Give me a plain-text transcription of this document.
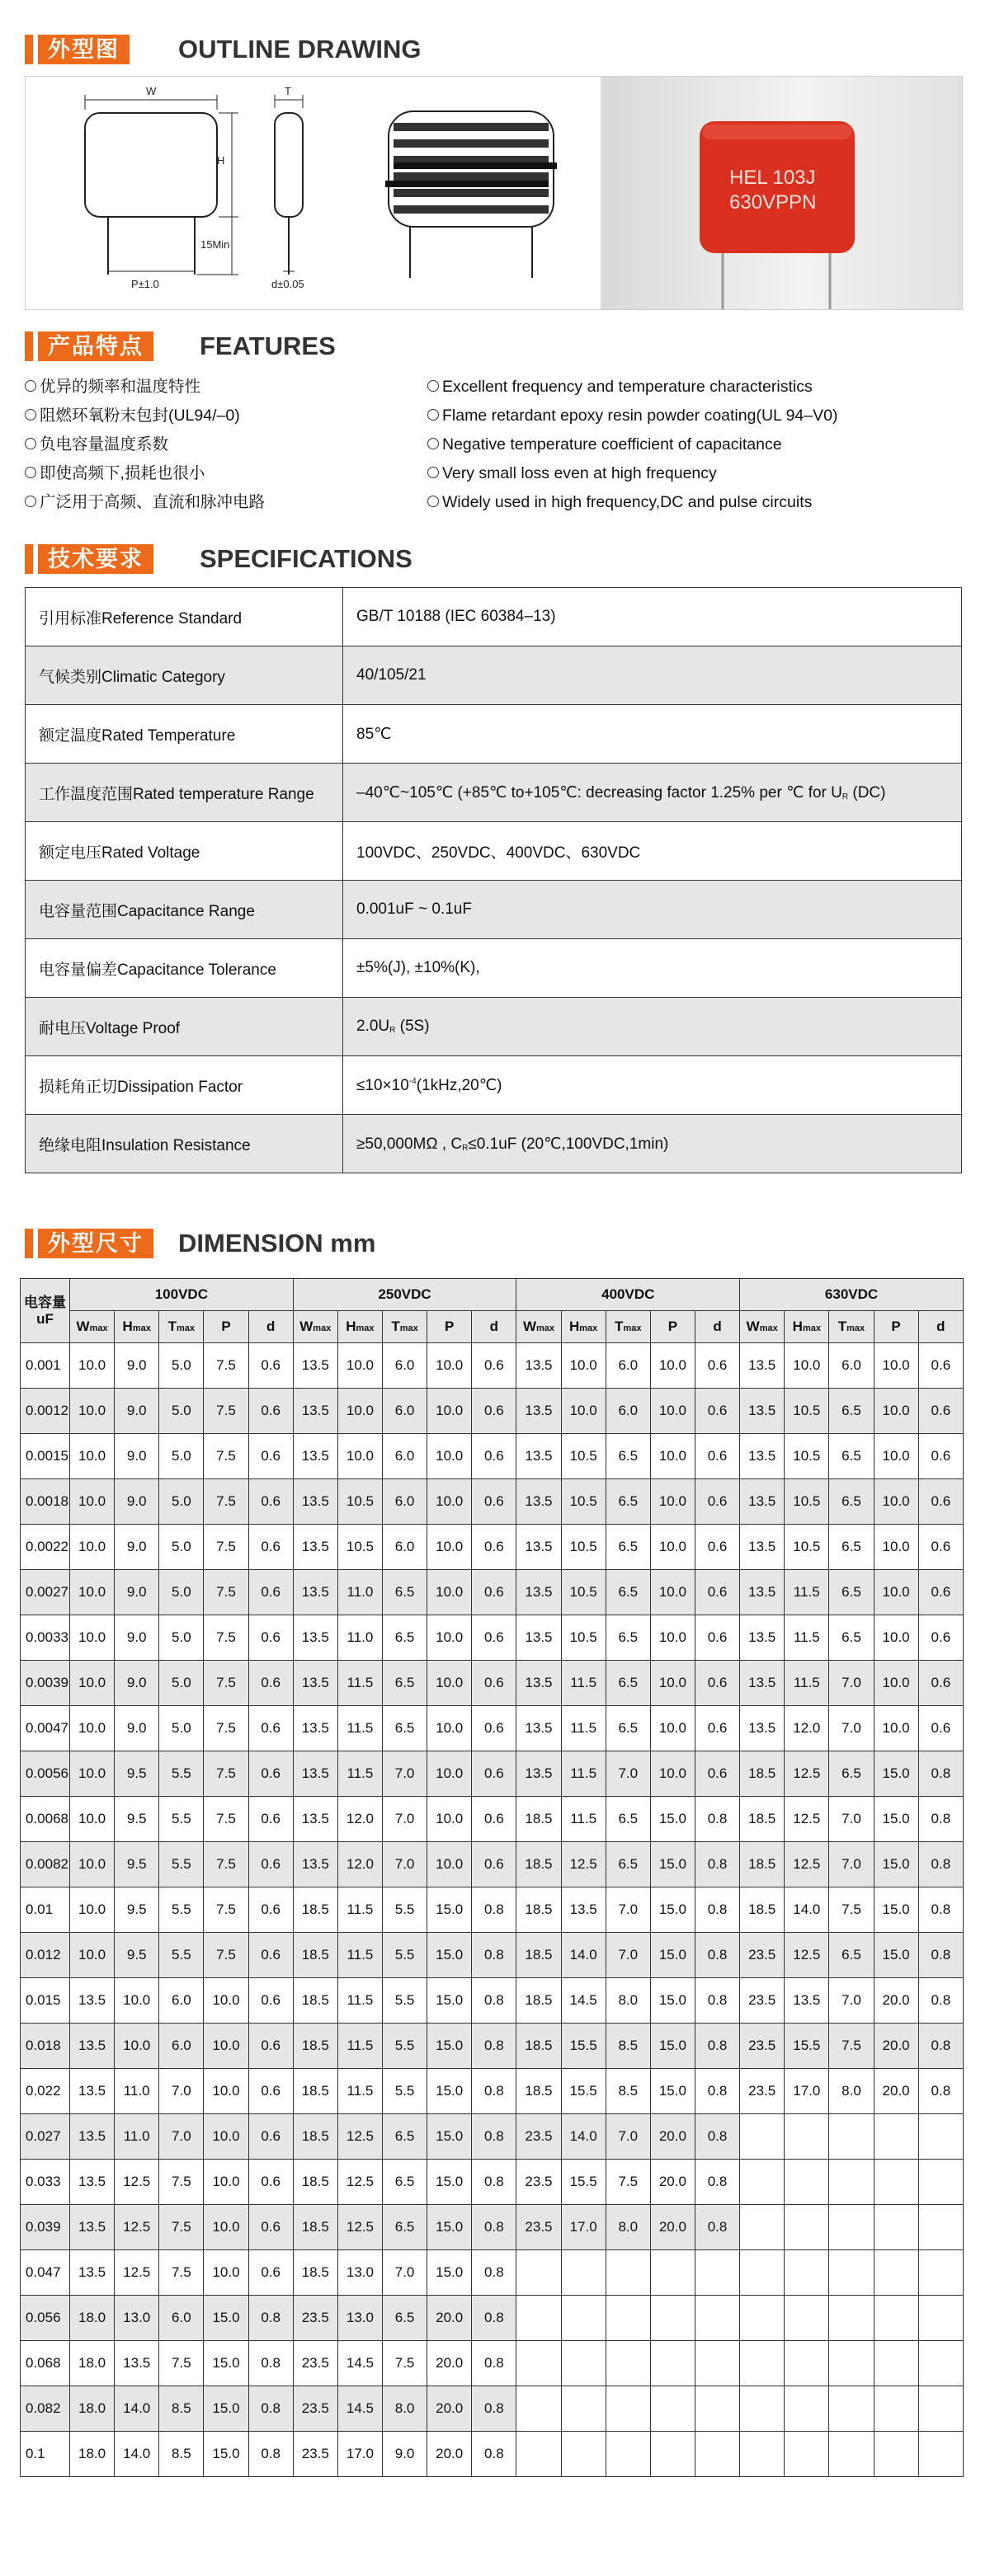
外型图	OUTLINE DRAWING
W
H
15Min
P±1.0
T
d±0.05
HEL 103J
630VPPN
产品特点	FEATURES
优异的频率和温度特性
阻燃环氧粉末包封(UL94/–0)
负电容量温度系数
即使高频下,损耗也很小
广泛用于高频、直流和脉冲电路
Excellent frequency and temperature characteristics
Flame retardant epoxy resin powder coating(UL 94–V0)
Negative temperature coefficient of capacitance
Very small loss even at high frequency
Widely used in high frequency,DC and pulse circuits
技术要求	SPECIFICATIONS
引用标准Reference Standard	GB/T 10188 (IEC 60384–13)
气候类别Climatic Category	40/105/21
额定温度Rated Temperature	85℃
工作温度范围Rated temperature Range	–40℃~105℃ (+85℃ to+105℃: decreasing factor 1.25% per ℃ for UR (DC)
额定电压Rated Voltage	100VDC、250VDC、400VDC、630VDC
电容量范围Capacitance Range	0.001uF ~ 0.1uF
电容量偏差Capacitance Tolerance	±5%(J), ±10%(K),
耐电压Voltage Proof	2.0UR (5S)
损耗角正切Dissipation Factor	$\le 10\times 10^{-4}(1kHz,20℃)$
绝缘电阻Insulation Resistance	≥50,000MΩ , CR≤0.1uF (20℃,100VDC,1min)
外型尺寸	DIMENSION mm
电容量
uF	100VDC					250VDC					400VDC					630VDC				
	Wmax	Hmax	Tmax	P	d	Wmax	Hmax	Tmax	P	d	Wmax	Hmax	Tmax	P	d	Wmax	Hmax	Tmax	P	d
0.001	10.0	9.0	5.0	7.5	0.6	13.5	10.0	6.0	10.0	0.6	13.5	10.0	6.0	10.0	0.6	13.5	10.0	6.0	10.0	0.6
0.0012	10.0	9.0	5.0	7.5	0.6	13.5	10.0	6.0	10.0	0.6	13.5	10.0	6.0	10.0	0.6	13.5	10.5	6.5	10.0	0.6
0.0015	10.0	9.0	5.0	7.5	0.6	13.5	10.0	6.0	10.0	0.6	13.5	10.5	6.5	10.0	0.6	13.5	10.5	6.5	10.0	0.6
0.0018	10.0	9.0	5.0	7.5	0.6	13.5	10.5	6.0	10.0	0.6	13.5	10.5	6.5	10.0	0.6	13.5	10.5	6.5	10.0	0.6
0.0022	10.0	9.0	5.0	7.5	0.6	13.5	10.5	6.0	10.0	0.6	13.5	10.5	6.5	10.0	0.6	13.5	10.5	6.5	10.0	0.6
0.0027	10.0	9.0	5.0	7.5	0.6	13.5	11.0	6.5	10.0	0.6	13.5	10.5	6.5	10.0	0.6	13.5	11.5	6.5	10.0	0.6
0.0033	10.0	9.0	5.0	7.5	0.6	13.5	11.0	6.5	10.0	0.6	13.5	10.5	6.5	10.0	0.6	13.5	11.5	6.5	10.0	0.6
0.0039	10.0	9.0	5.0	7.5	0.6	13.5	11.5	6.5	10.0	0.6	13.5	11.5	6.5	10.0	0.6	13.5	11.5	7.0	10.0	0.6
0.0047	10.0	9.0	5.0	7.5	0.6	13.5	11.5	6.5	10.0	0.6	13.5	11.5	6.5	10.0	0.6	13.5	12.0	7.0	10.0	0.6
0.0056	10.0	9.5	5.5	7.5	0.6	13.5	11.5	7.0	10.0	0.6	13.5	11.5	7.0	10.0	0.6	18.5	12.5	6.5	15.0	0.8
0.0068	10.0	9.5	5.5	7.5	0.6	13.5	12.0	7.0	10.0	0.6	18.5	11.5	6.5	15.0	0.8	18.5	12.5	7.0	15.0	0.8
0.0082	10.0	9.5	5.5	7.5	0.6	13.5	12.0	7.0	10.0	0.6	18.5	12.5	6.5	15.0	0.8	18.5	12.5	7.0	15.0	0.8
0.01	10.0	9.5	5.5	7.5	0.6	18.5	11.5	5.5	15.0	0.8	18.5	13.5	7.0	15.0	0.8	18.5	14.0	7.5	15.0	0.8
0.012	10.0	9.5	5.5	7.5	0.6	18.5	11.5	5.5	15.0	0.8	18.5	14.0	7.0	15.0	0.8	23.5	12.5	6.5	15.0	0.8
0.015	13.5	10.0	6.0	10.0	0.6	18.5	11.5	5.5	15.0	0.8	18.5	14.5	8.0	15.0	0.8	23.5	13.5	7.0	20.0	0.8
0.018	13.5	10.0	6.0	10.0	0.6	18.5	11.5	5.5	15.0	0.8	18.5	15.5	8.5	15.0	0.8	23.5	15.5	7.5	20.0	0.8
0.022	13.5	11.0	7.0	10.0	0.6	18.5	11.5	5.5	15.0	0.8	18.5	15.5	8.5	15.0	0.8	23.5	17.0	8.0	20.0	0.8
0.027	13.5	11.0	7.0	10.0	0.6	18.5	12.5	6.5	15.0	0.8	23.5	14.0	7.0	20.0	0.8					
0.033	13.5	12.5	7.5	10.0	0.6	18.5	12.5	6.5	15.0	0.8	23.5	15.5	7.5	20.0	0.8					
0.039	13.5	12.5	7.5	10.0	0.6	18.5	12.5	6.5	15.0	0.8	23.5	17.0	8.0	20.0	0.8					
0.047	13.5	12.5	7.5	10.0	0.6	18.5	13.0	7.0	15.0	0.8										
0.056	18.0	13.0	6.0	15.0	0.8	23.5	13.0	6.5	20.0	0.8										
0.068	18.0	13.5	7.5	15.0	0.8	23.5	14.5	7.5	20.0	0.8										
0.082	18.0	14.0	8.5	15.0	0.8	23.5	14.5	8.0	20.0	0.8										
0.1	18.0	14.0	8.5	15.0	0.8	23.5	17.0	9.0	20.0	0.8										
